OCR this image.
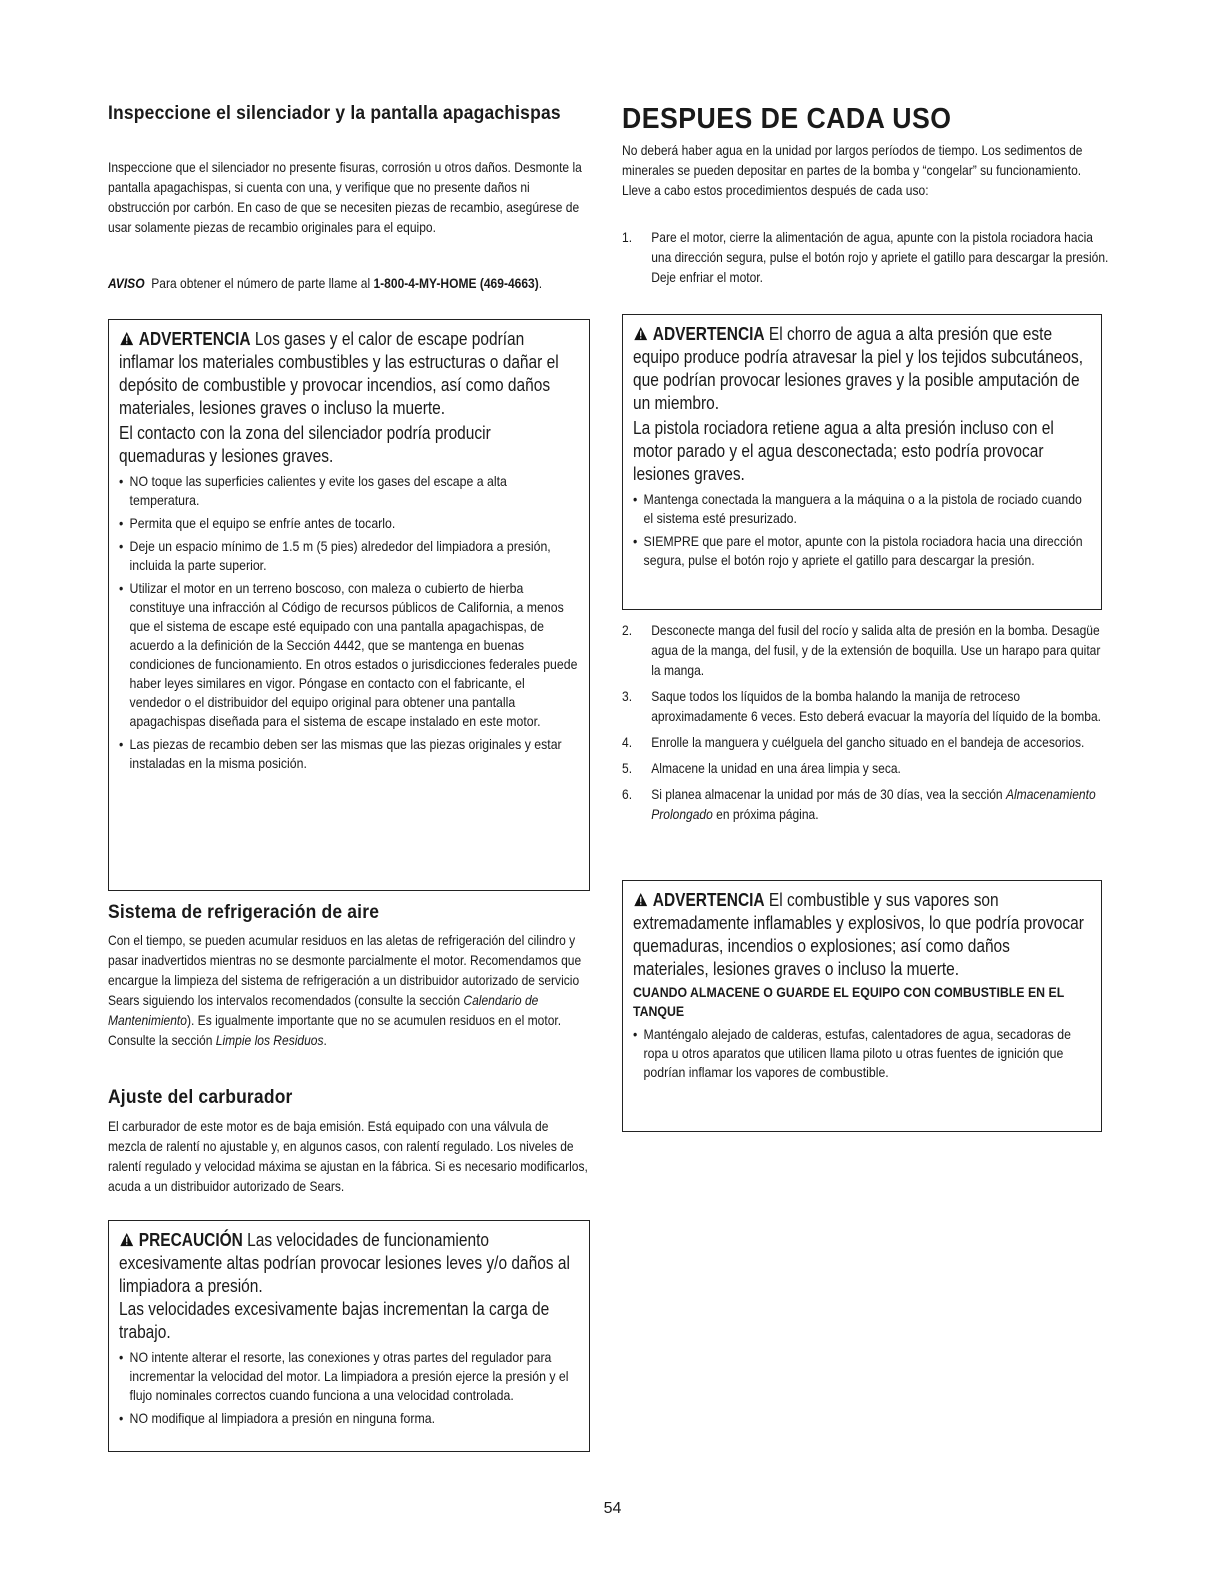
Inspeccione el silenciador y la pantalla apagachispas

Inspeccione que el silenciador no presente fisuras, corrosión u otros daños. Desmonte la pantalla apagachispas, si cuenta con una, y verifique que no presente daños ni obstrucción por carbón. En caso de que se necesiten piezas de recambio, asegúrese de usar solamente piezas de recambio originales para el equipo.

AVISO Para obtener el número de parte llame al 1-800-4-MY-HOME (469-4663).

ADVERTENCIA Los gases y el calor de escape podrían inflamar los materiales combustibles y las estructuras o dañar el depósito de combustible y provocar incendios, así como daños materiales, lesiones graves o incluso la muerte.
El contacto con la zona del silenciador podría producir quemaduras y lesiones graves.
• NO toque las superficies calientes y evite los gases del escape a alta temperatura.
• Permita que el equipo se enfríe antes de tocarlo.
• Deje un espacio mínimo de 1.5 m (5 pies) alrededor del limpiadora a presión, incluida la parte superior.
• Utilizar el motor en un terreno boscoso, con maleza o cubierto de hierba constituye una infracción al Código de recursos públicos de California, a menos que el sistema de escape esté equipado con una pantalla apagachispas, de acuerdo a la definición de la Sección 4442, que se mantenga en buenas condiciones de funcionamiento. En otros estados o jurisdicciones federales puede haber leyes similares en vigor. Póngase en contacto con el fabricante, el vendedor o el distribuidor del equipo original para obtener una pantalla apagachispas diseñada para el sistema de escape instalado en este motor.
• Las piezas de recambio deben ser las mismas que las piezas originales y estar instaladas en la misma posición.
Sistema de refrigeración de aire

Con el tiempo, se pueden acumular residuos en las aletas de refrigeración del cilindro y pasar inadvertidos mientras no se desmonte parcialmente el motor. Recomendamos que encargue la limpieza del sistema de refrigeración a un distribuidor autorizado de servicio Sears siguiendo los intervalos recomendados (consulte la sección Calendario de Mantenimiento). Es igualmente importante que no se acumulen residuos en el motor. Consulte la sección Limpie los Residuos.

Ajuste del carburador

El carburador de este motor es de baja emisión. Está equipado con una válvula de mezcla de ralentí no ajustable y, en algunos casos, con ralentí regulado. Los niveles de ralentí regulado y velocidad máxima se ajustan en la fábrica. Si es necesario modificarlos, acuda a un distribuidor autorizado de Sears.

PRECAUCIÓN Las velocidades de funcionamiento excesivamente altas podrían provocar lesiones leves y/o daños al limpiadora a presión.
Las velocidades excesivamente bajas incrementan la carga de trabajo.
• NO intente alterar el resorte, las conexiones y otras partes del regulador para incrementar la velocidad del motor. La limpiadora a presión ejerce la presión y el flujo nominales correctos cuando funciona a una velocidad controlada.
• NO modifique al limpiadora a presión en ninguna forma.
DESPUES DE CADA USO

No deberá haber agua en la unidad por largos períodos de tiempo. Los sedimentos de minerales se pueden depositar en partes de la bomba y “congelar” su funcionamiento. Lleve a cabo estos procedimientos después de cada uso:

1. Pare el motor, cierre la alimentación de agua, apunte con la pistola rociadora hacia una dirección segura, pulse el botón rojo y apriete el gatillo para descargar la presión. Deje enfriar el motor.
ADVERTENCIA El chorro de agua a alta presión que este equipo produce podría atravesar la piel y los tejidos subcutáneos, que podrían provocar lesiones graves y la posible amputación de un miembro.
La pistola rociadora retiene agua a alta presión incluso con el motor parado y el agua desconectada; esto podría provocar lesiones graves.
• Mantenga conectada la manguera a la máquina o a la pistola de rociado cuando el sistema esté presurizado.
• SIEMPRE que pare el motor, apunte con la pistola rociadora hacia una dirección segura, pulse el botón rojo y apriete el gatillo para descargar la presión.
2. Desconecte manga del fusil del rocío y salida alta de presión en la bomba. Desagüe agua de la manga, del fusil, y de la extensión de boquilla. Use un harapo para quitar la manga.
3. Saque todos los líquidos de la bomba halando la manija de retroceso aproximadamente 6 veces. Esto deberá evacuar la mayoría del líquido de la bomba.
4. Enrolle la manguera y cuélguela del gancho situado en el bandeja de accesorios.
5. Almacene la unidad en una área limpia y seca.
6. Si planea almacenar la unidad por más de 30 días, vea la sección Almacenamiento Prolongado en próxima página.
ADVERTENCIA El combustible y sus vapores son extremadamente inflamables y explosivos, lo que podría provocar quemaduras, incendios o explosiones; así como daños materiales, lesiones graves o incluso la muerte.
CUANDO ALMACENE O GUARDE EL EQUIPO CON COMBUSTIBLE EN EL TANQUE
• Manténgalo alejado de calderas, estufas, calentadores de agua, secadoras de ropa u otros aparatos que utilicen llama piloto u otras fuentes de ignición que podrían inflamar los vapores de combustible.
54
